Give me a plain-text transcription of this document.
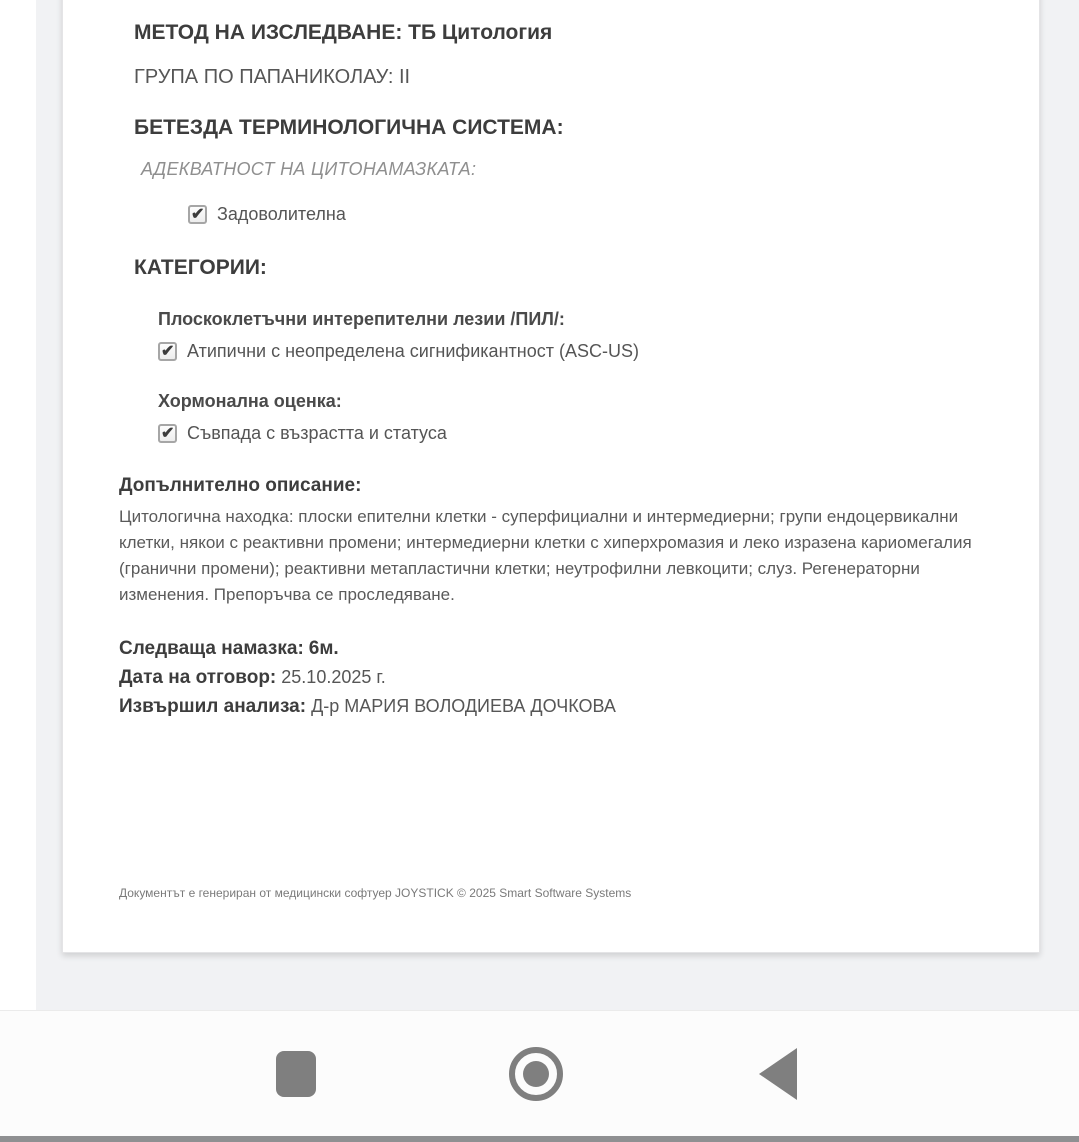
МЕТОД НА ИЗСЛЕДВАНЕ: ТБ Цитология
ГРУПА ПО ПАПАНИКОЛАУ: II
БЕТЕЗДА ТЕРМИНОЛОГИЧНА СИСТЕМА:
АДЕКВАТНОСТ НА ЦИТОНАМАЗКАТА:
✔
Задоволителна
КАТЕГОРИИ:
Плоскоклетъчни интерепителни лезии /ПИЛ/:
✔
Атипични с неопределена сигнификантност (ASC-US)
Хормонална оценка:
✔
Съвпада с възрастта и статуса
Допълнително описание:
Цитологична находка: плоски епителни клетки - суперфициални и интермедиерни; групи ендоцервикални клетки, някои с реактивни промени; интермедиерни клетки с хиперхромазия и леко изразена кариомегалия (гранични промени); реактивни метапластични клетки; неутрофилни левкоцити; слуз. Регенераторни изменения. Препоръчва се проследяване.
Следваща намазка: 6м.
Дата на отговор: 25.10.2025 г.
Извършил анализа: Д-р МАРИЯ ВОЛОДИЕВА ДОЧКОВА
Документът е генериран от медицински софтуер JOYSTICK © 2025 Smart Software Systems
